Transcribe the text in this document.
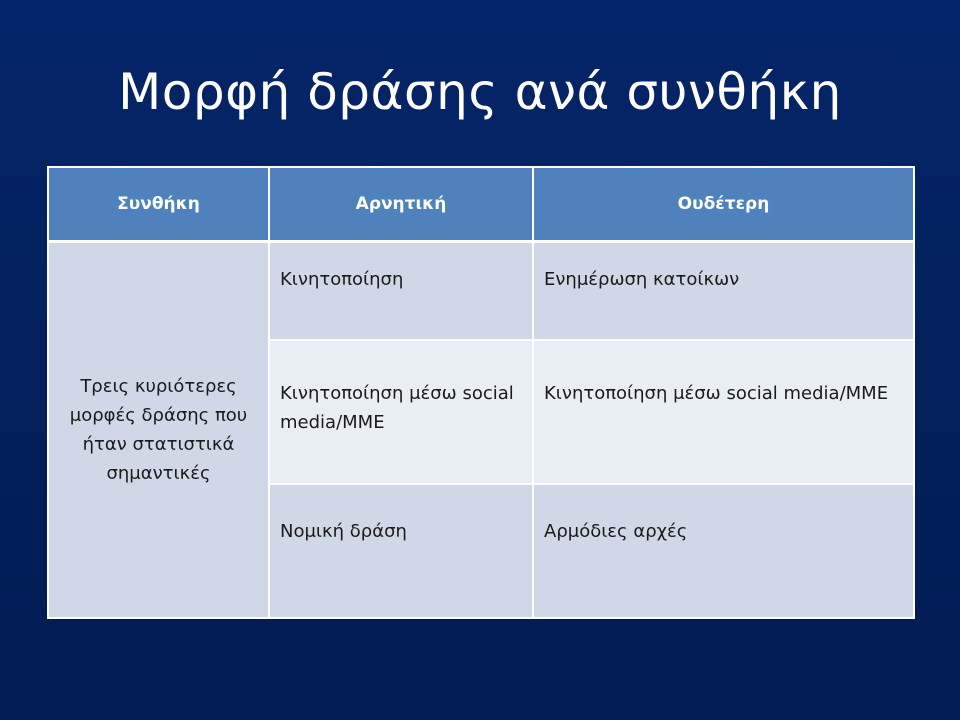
Μορφή δράσης ανά συνθήκη
Συνθήκη	Αρνητική	Ουδέτερη
Τρεις κυριότερες μορφές δράσης που ήταν στατιστικά σημαντικές	Κινητοποίηση	Ενημέρωση κατοίκων
	Κινητοποίηση μέσω social media/ΜΜΕ	Κινητοποίηση μέσω social media/ΜΜΕ
	Νομική δράση	Αρμόδιες αρχές
